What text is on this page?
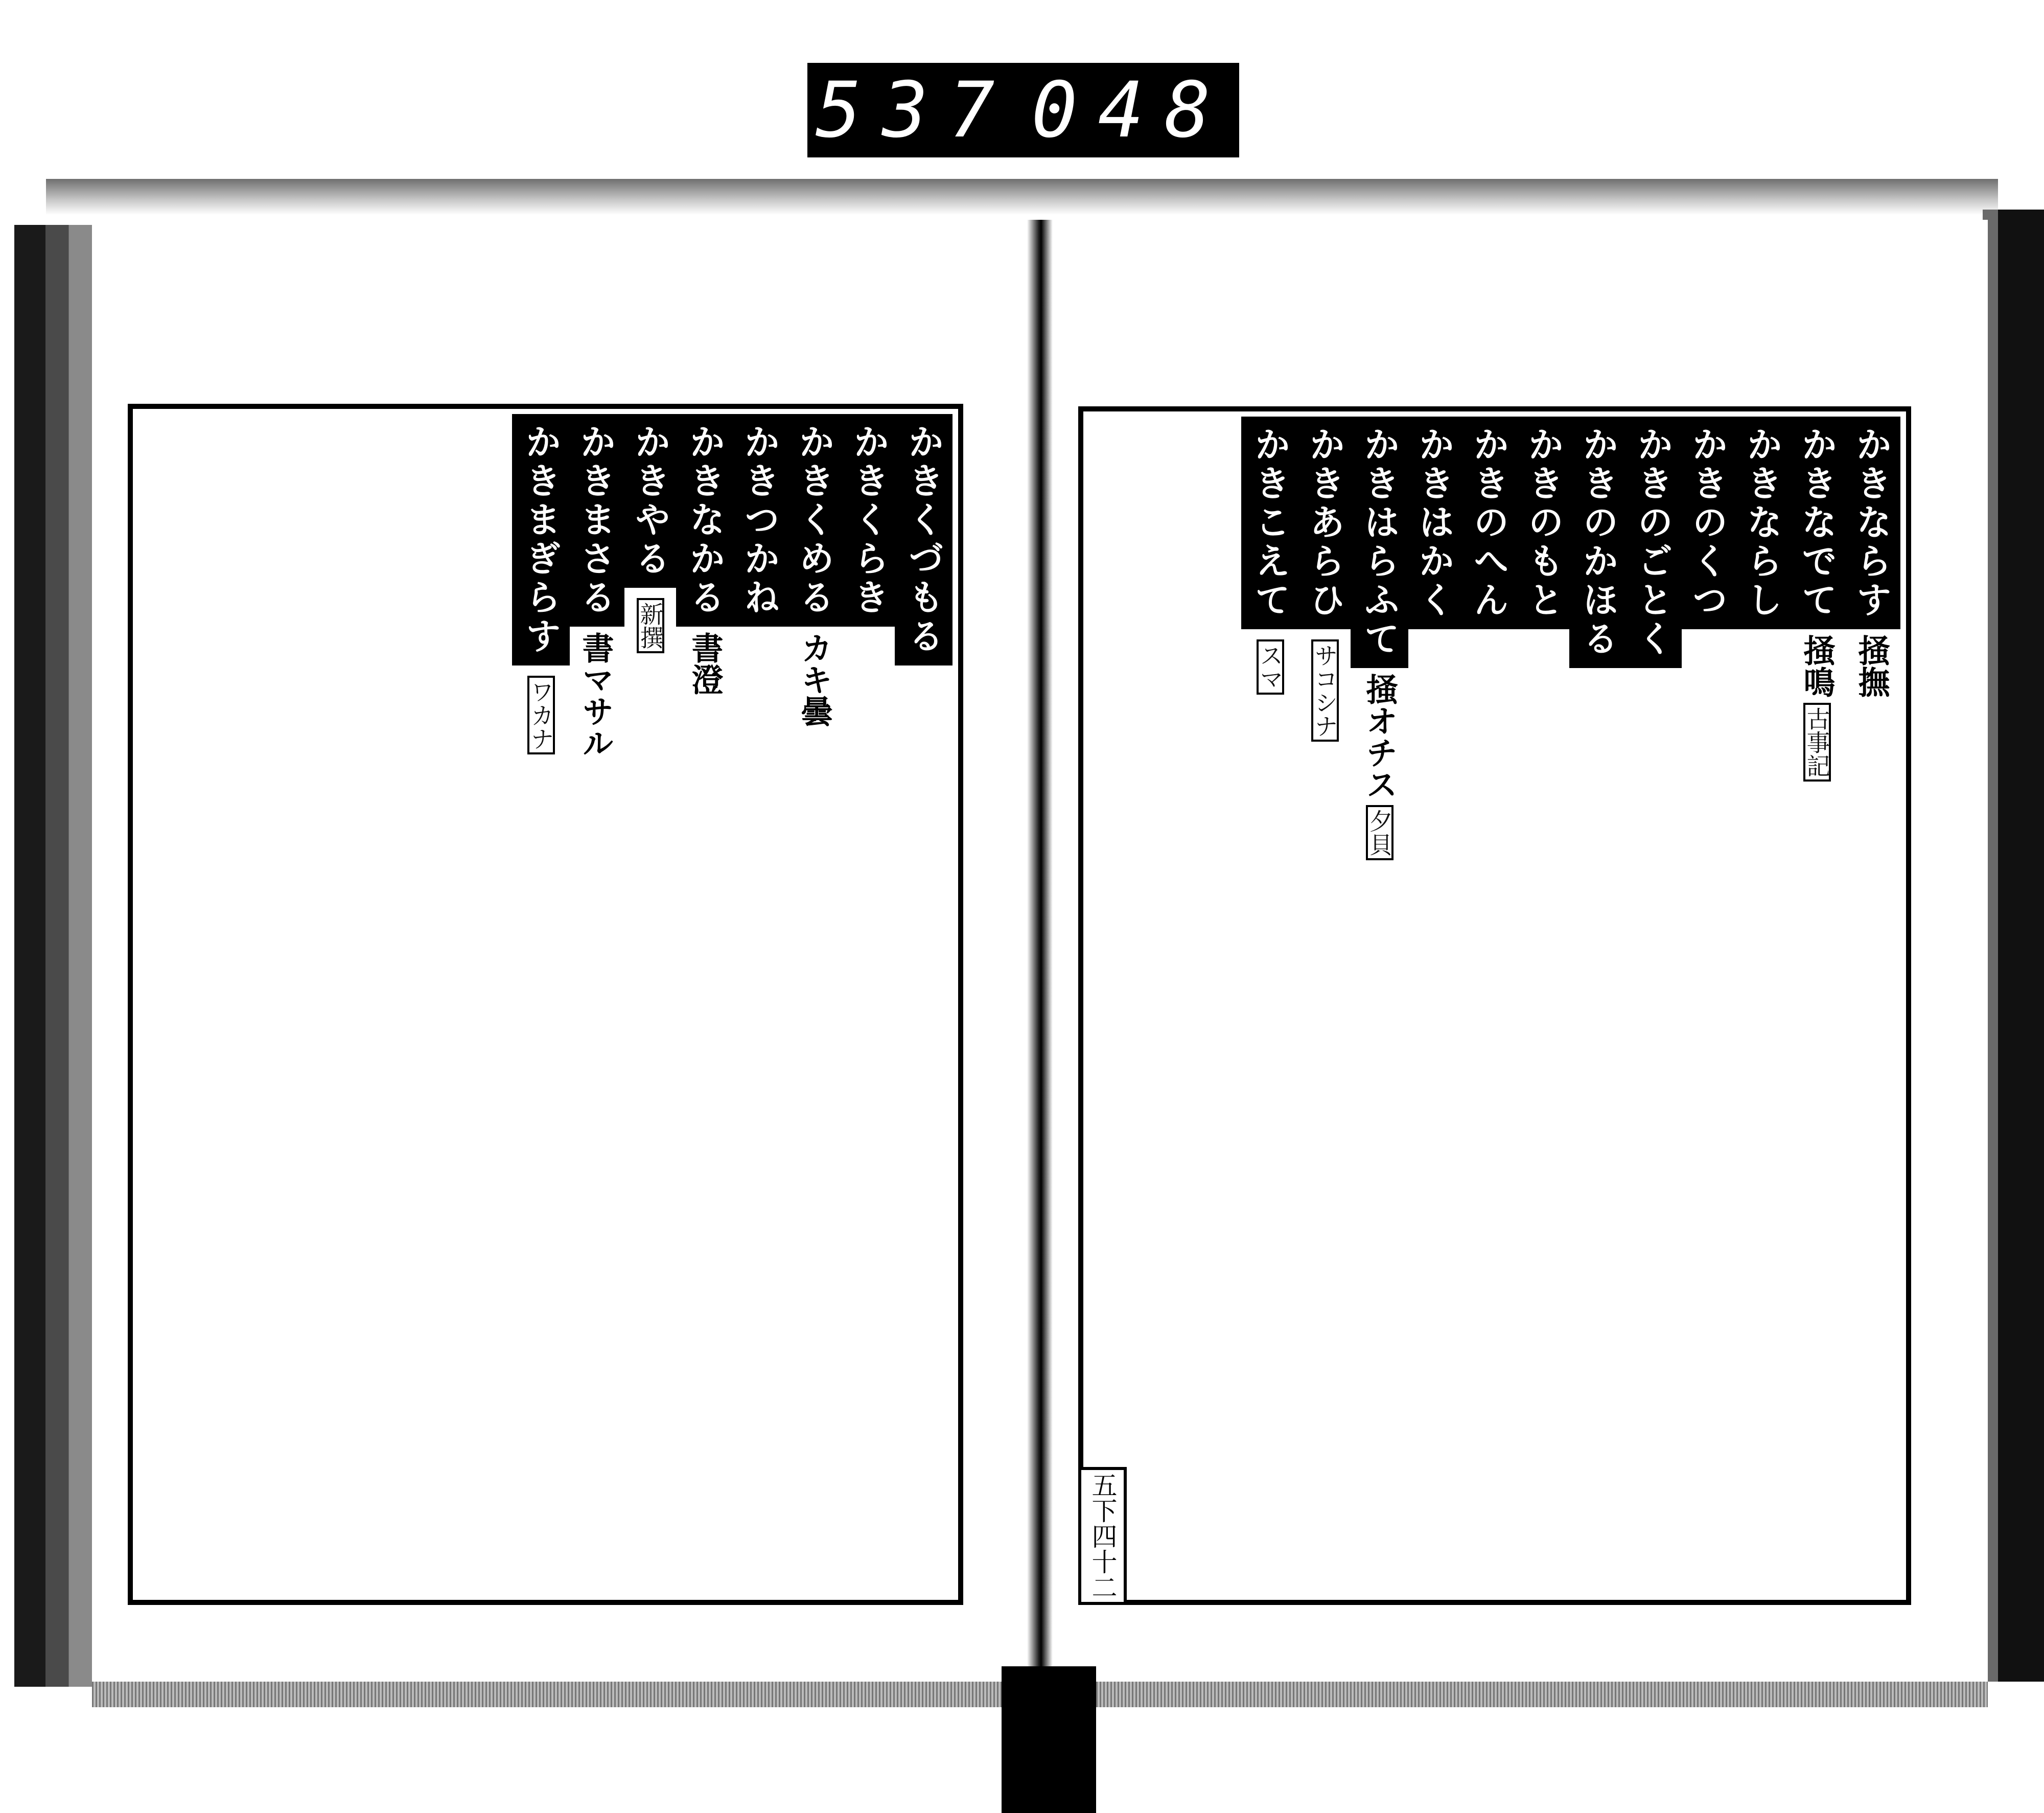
537 048
かきくづもる
かきくらき
かきくめる
カキ曇
かきつかね
かきなかる
書澄
かきやる
新撰
かきまさる
書マサル
かきまぎらす
ワカナ
かきならす
掻撫
かきなでて
掻鳴
古事記
かきならし
かきのくつ
かきのごとく
かきのかほる
かきのもと
かきのへん
かきはかく
かきはらふて
掻オチス
夕貝
かきあらひ
サコシナ
かきこえて
スマ
五下四十二
